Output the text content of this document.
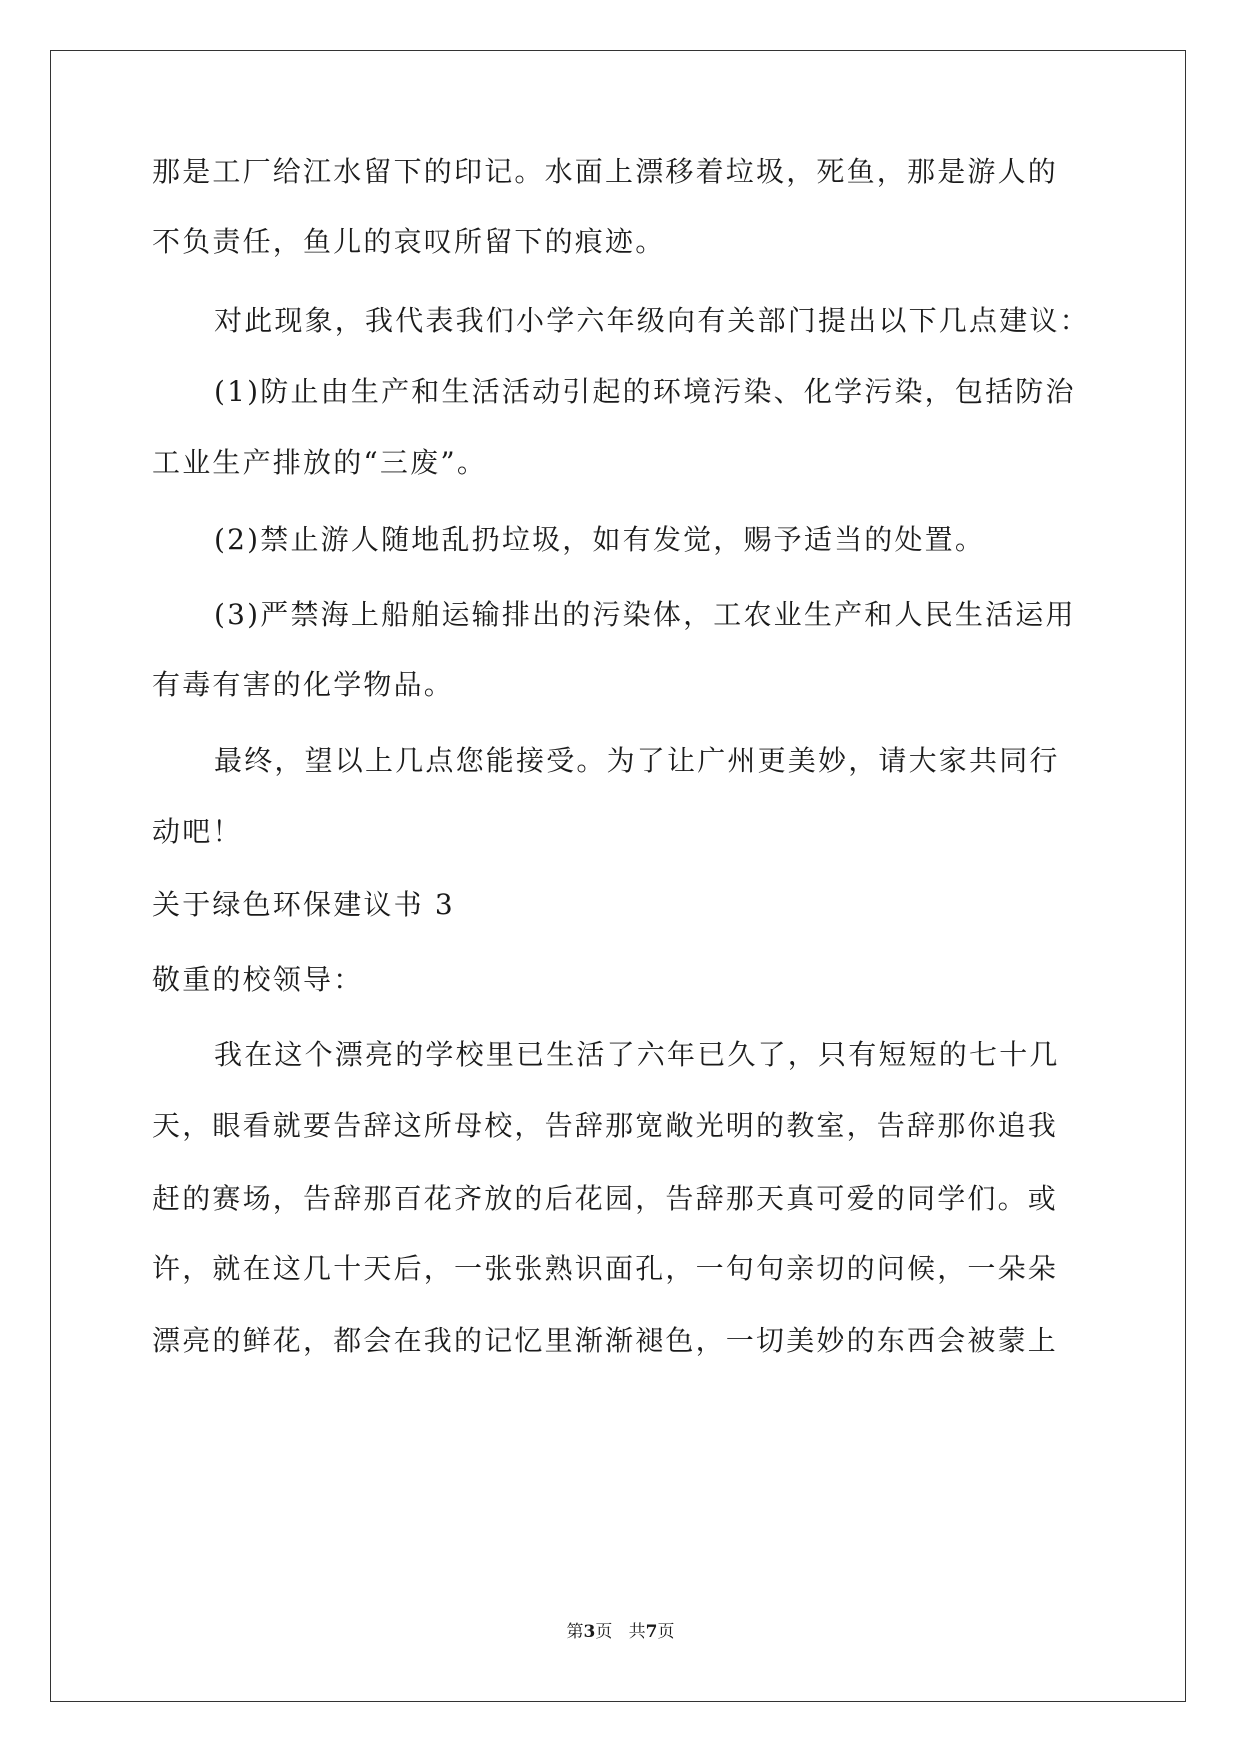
那是工厂给江水留下的印记。水面上漂移着垃圾，死鱼，那是游人的
不负责任，鱼儿的哀叹所留下的痕迹。
对此现象，我代表我们小学六年级向有关部门提出以下几点建议：
(1)防止由生产和生活活动引起的环境污染、化学污染，包括防治
工业生产排放的“三废”。
(2)禁止游人随地乱扔垃圾，如有发觉，赐予适当的处置。
(3)严禁海上船舶运输排出的污染体，工农业生产和人民生活运用
有毒有害的化学物品。
最终，望以上几点您能接受。为了让广州更美妙，请大家共同行
动吧！
关于绿色环保建议书 3
敬重的校领导：
我在这个漂亮的学校里已生活了六年已久了，只有短短的七十几
天，眼看就要告辞这所母校，告辞那宽敞光明的教室，告辞那你追我
赶的赛场，告辞那百花齐放的后花园，告辞那天真可爱的同学们。或
许，就在这几十天后，一张张熟识面孔，一句句亲切的问候，一朵朵
漂亮的鲜花，都会在我的记忆里渐渐褪色，一切美妙的东西会被蒙上
第3页 共7页
